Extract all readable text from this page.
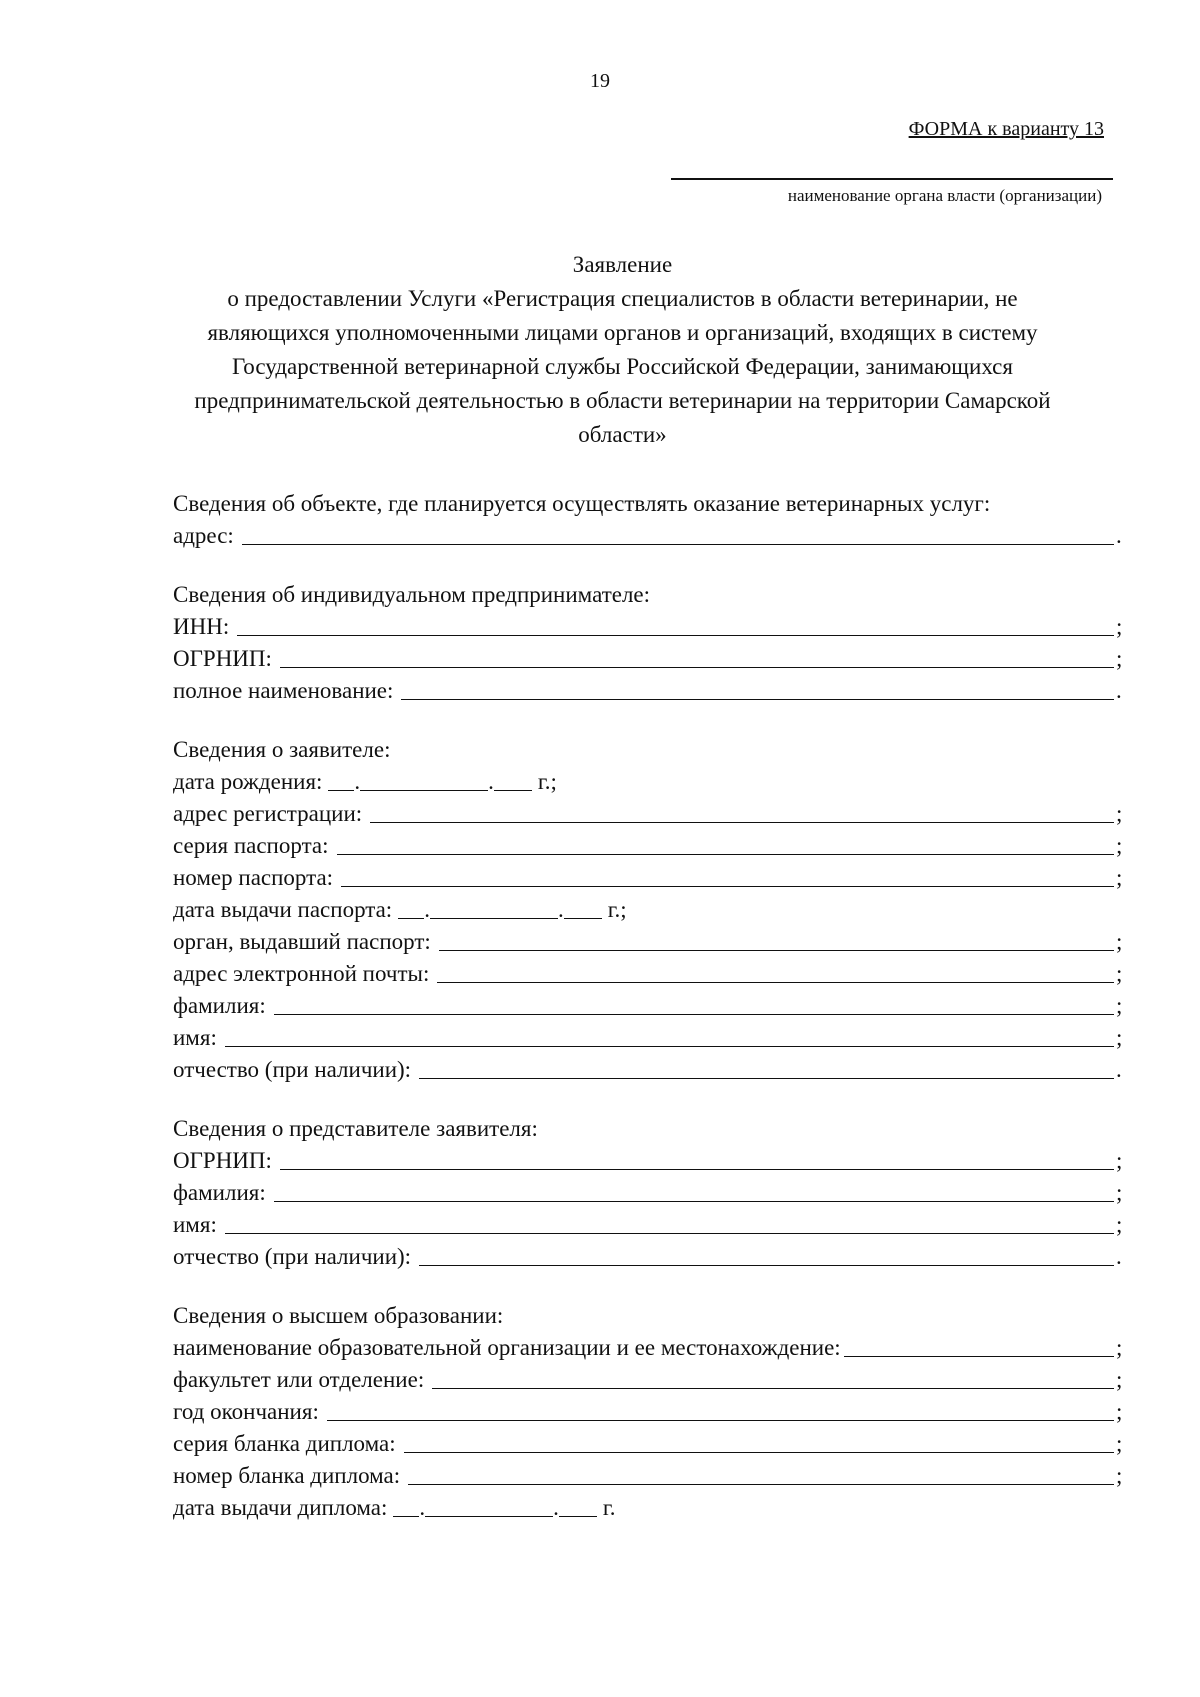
19
ФОРМА к варианту 13
наименование органа власти (организации)
Заявление
о предоставлении Услуги «Регистрация специалистов в области ветеринарии, не
являющихся уполномоченными лицами органов и организаций, входящих в систему
Государственной ветеринарной службы Российской Федерации, занимающихся
предпринимательской деятельностью в области ветеринарии на территории Самарской
области»
Сведения об объекте, где планируется осуществлять оказание ветеринарных услуг:
адрес:	.
Сведения об индивидуальном предпринимателе:
ИНН:	;
ОГРНИП:	;
полное наименование:	.
Сведения о заявителе:
дата рождения: .	. г.;
адрес регистрации:	;
серия паспорта:	;
номер паспорта:	;
дата выдачи паспорта: .	. г.;
орган, выдавший паспорт:	;
адрес электронной почты:	;
фамилия:	;
имя:	;
отчество (при наличии):	.
Сведения о представителе заявителя:
ОГРНИП:	;
фамилия:	;
имя:	;
отчество (при наличии):	.
Сведения о высшем образовании:
наименование образовательной организации и ее местонахождение:	;
факультет или отделение:	;
год окончания:	;
серия бланка диплома:	;
номер бланка диплома:	;
дата выдачи диплома: .	. г.
